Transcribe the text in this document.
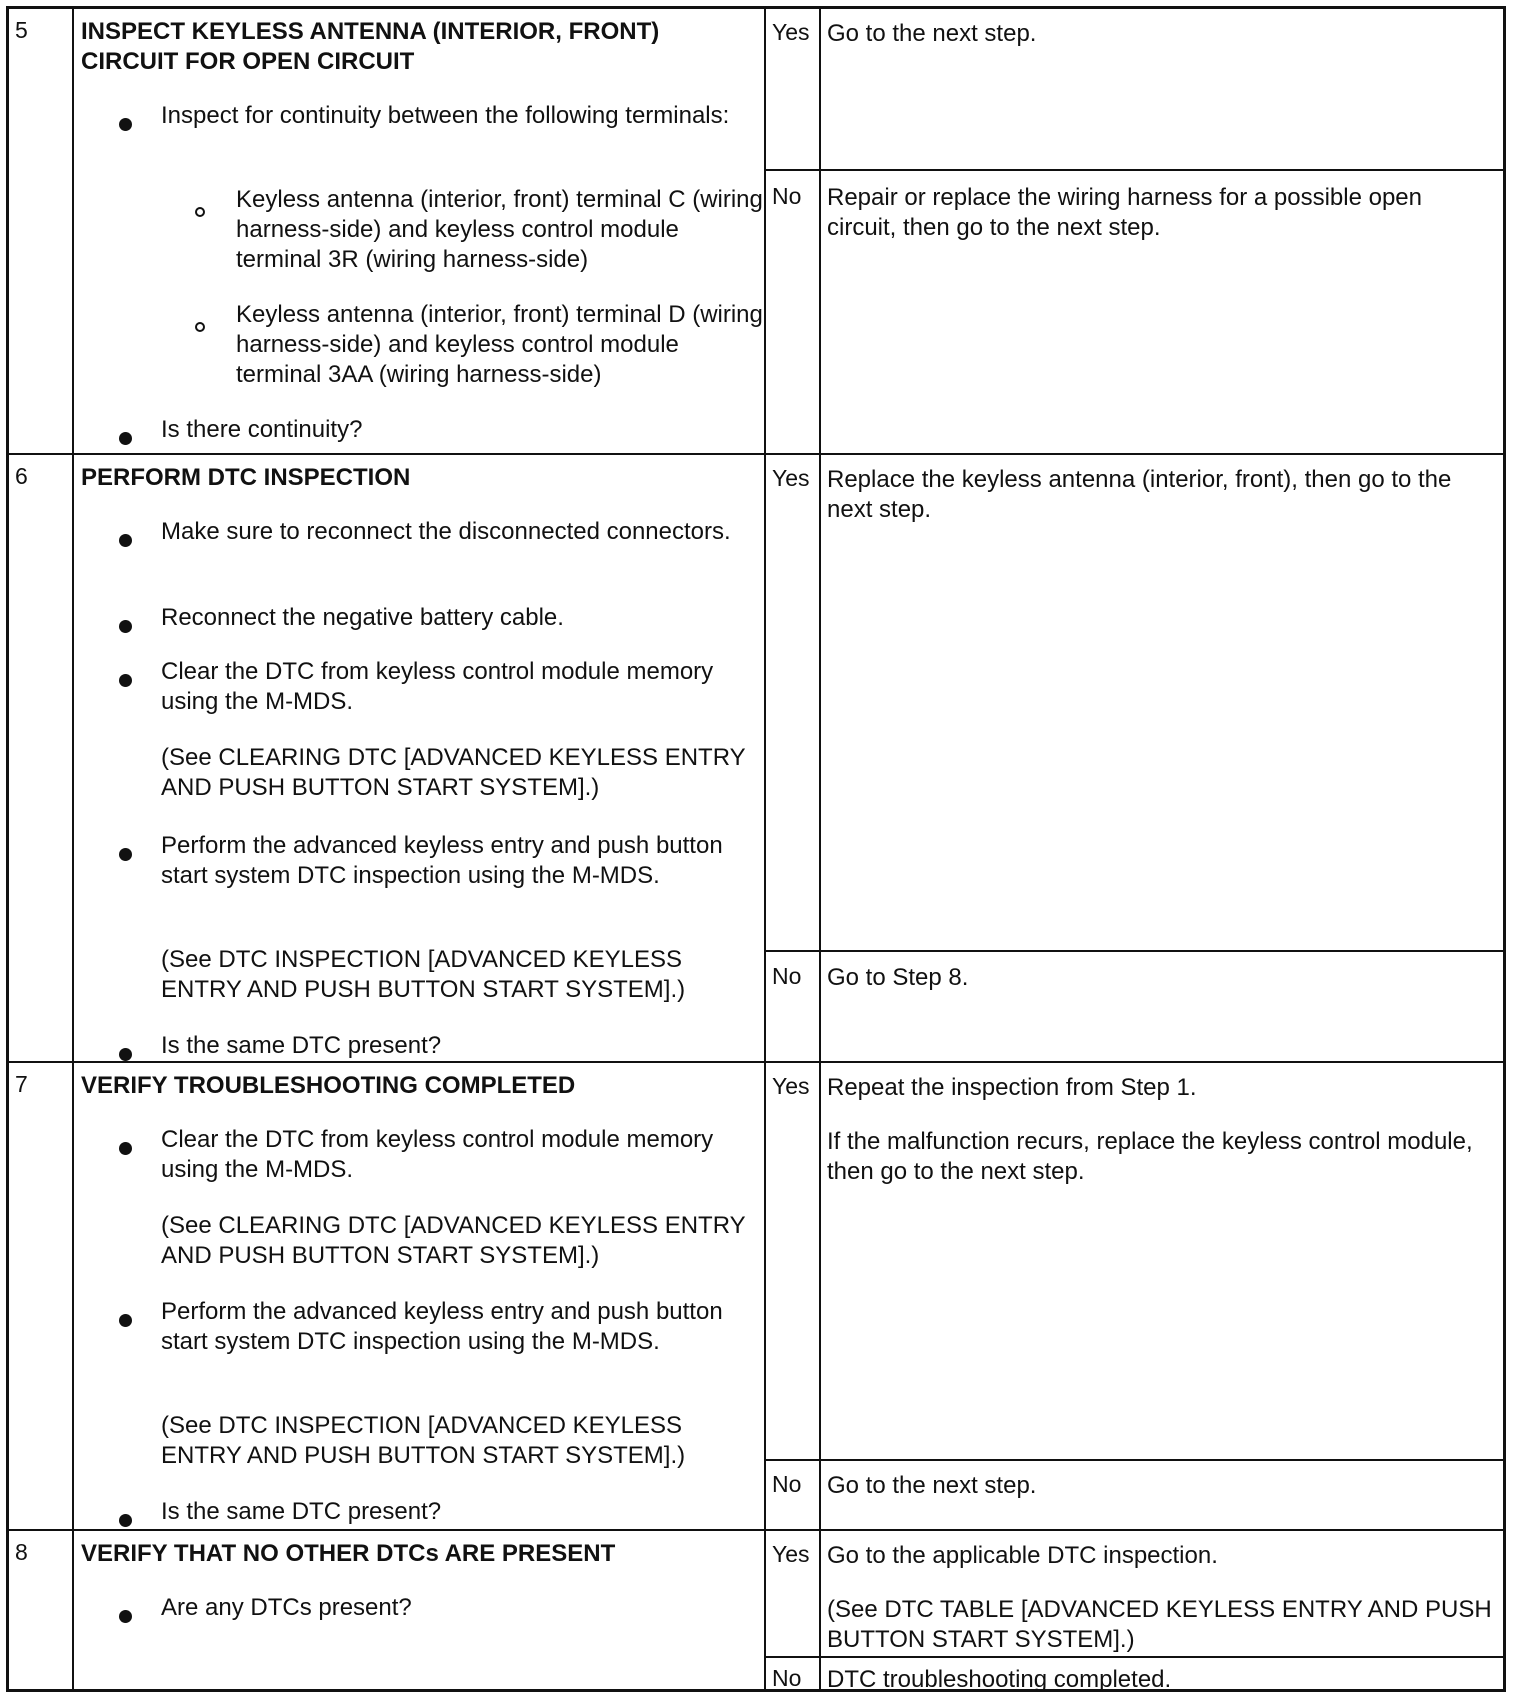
5 INSPECT KEYLESS ANTENNA (INTERIOR, FRONT) CIRCUIT FOR OPEN CIRCUIT
Inspect for continuity between the following terminals:
Keyless antenna (interior, front) terminal C (wiring harness-side) and keyless control module terminal 3R (wiring harness-side)
Keyless antenna (interior, front) terminal D (wiring harness-side) and keyless control module terminal 3AA (wiring harness-side)
Is there continuity?
Yes Go to the next step.
No Repair or replace the wiring harness for a possible open circuit, then go to the next step.
6 PERFORM DTC INSPECTION
Make sure to reconnect the disconnected connectors.
Reconnect the negative battery cable.
Clear the DTC from keyless control module memory using the M-MDS.
(See CLEARING DTC [ADVANCED KEYLESS ENTRY AND PUSH BUTTON START SYSTEM].)
Perform the advanced keyless entry and push button start system DTC inspection using the M-MDS.
(See DTC INSPECTION [ADVANCED KEYLESS ENTRY AND PUSH BUTTON START SYSTEM].)
Is the same DTC present?
Yes Replace the keyless antenna (interior, front), then go to the next step.
No Go to Step 8.
7 VERIFY TROUBLESHOOTING COMPLETED
Clear the DTC from keyless control module memory using the M-MDS.
(See CLEARING DTC [ADVANCED KEYLESS ENTRY AND PUSH BUTTON START SYSTEM].)
Perform the advanced keyless entry and push button start system DTC inspection using the M-MDS.
(See DTC INSPECTION [ADVANCED KEYLESS ENTRY AND PUSH BUTTON START SYSTEM].)
Is the same DTC present?
Yes Repeat the inspection from Step 1.
If the malfunction recurs, replace the keyless control module, then go to the next step.
No Go to the next step.
8 VERIFY THAT NO OTHER DTCs ARE PRESENT
Are any DTCs present?
Yes Go to the applicable DTC inspection.
(See DTC TABLE [ADVANCED KEYLESS ENTRY AND PUSH BUTTON START SYSTEM].)
No DTC troubleshooting completed.
